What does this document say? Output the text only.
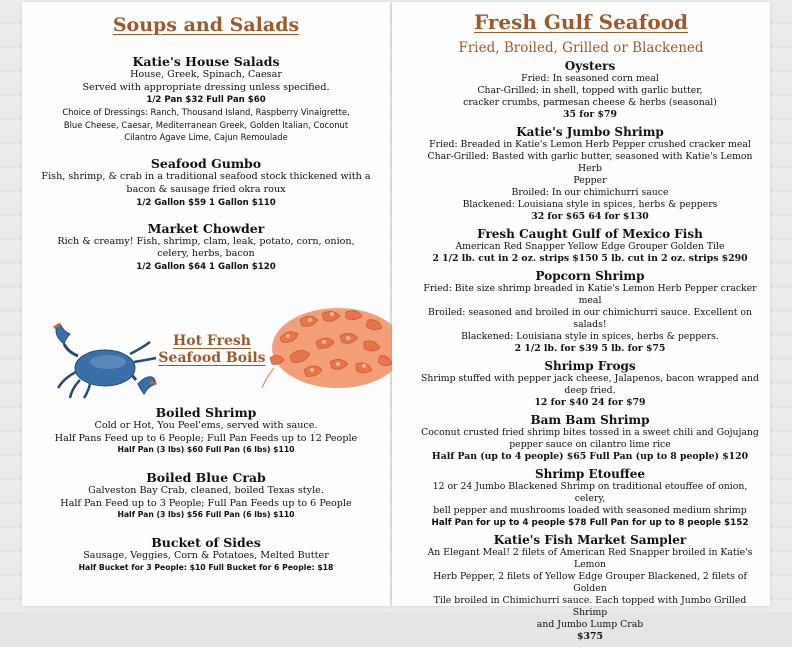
Soups and Salads

Katie's House Salads

House, Greek, Spinach, Caesar

Served with appropriate dressing unless specified.

1/2 Pan $32 Full Pan $60

Choice of Dressings: Ranch, Thousand Island, Raspberry Vinaigrette,

Blue Cheese, Caesar, Mediterranean Greek, Golden Italian, Coconut

Cilantro Agave Lime, Cajun Remoulade

Seafood Gumbo

Fish, shrimp, & crab in a traditional seafood stock thickened with a

bacon & sausage fried okra roux

1/2 Gallon $59 1 Gallon $110

Market Chowder

Rich & creamy! Fish, shrimp, clam, leak, potato, corn, onion,

celery, herbs, bacon

1/2 Gallon $64 1 Gallon $120

Hot Fresh
Seafood Boils

Boiled Shrimp

Cold or Hot, You Peel'ems, served with sauce.

Half Pans Feed up to 6 People; Full Pan Feeds up to 12 People

Half Pan (3 lbs) $60 Full Pan (6 lbs) $110

Boiled Blue Crab

Galveston Bay Crab, cleaned, boiled Texas style.

Half Pan Feed up to 3 People; Full Pan Feeds up to 6 People

Half Pan (3 lbs) $56 Full Pan (6 lbs) $110

Bucket of Sides

Sausage, Veggies, Corn & Potatoes, Melted Butter

Half Bucket for 3 People: $10 Full Bucket for 6 People: $18

Fresh Gulf Seafood
Fried, Broiled, Grilled or Blackened

Oysters

Fried: In seasoned corn meal

Char-Grilled: in shell, topped with garlic butter,

cracker crumbs, parmesan cheese & herbs (seasonal)

35 for $79

Katie's Jumbo Shrimp

Fried: Breaded in Katie's Lemon Herb Pepper crushed cracker meal

Char-Grilled: Basted with garlic butter, seasoned with Katie's Lemon Herb

Pepper

Broiled: In our chimichurri sauce

Blackened: Louisiana style in spices, herbs & peppers

32 for $65 64 for $130

Fresh Caught Gulf of Mexico Fish

American Red Snapper Yellow Edge Grouper Golden Tile

2 1/2 lb. cut in 2 oz. strips $150 5 lb. cut in 2 oz. strips $290

Popcorn Shrimp

Fried: Bite size shrimp breaded in Katie's Lemon Herb Pepper cracker meal

Broiled: seasoned and broiled in our chimichurri sauce. Excellent on salads!

Blackened: Louisiana style in spices, herbs & peppers.

2 1/2 lb. for $39 5 lb. for $75

Shrimp Frogs

Shrimp stuffed with pepper jack cheese, Jalapenos, bacon wrapped and

deep fried.

12 for $40 24 for $79

Bam Bam Shrimp

Coconut crusted fried shrimp bites tossed in a sweet chili and Gojujang

pepper sauce on cilantro lime rice

Half Pan (up to 4 people) $65 Full Pan (up to 8 people) $120

Shrimp Etouffee

12 or 24 Jumbo Blackened Shrimp on traditional etouffee of onion, celery,

bell pepper and mushrooms loaded with seasoned medium shrimp

Half Pan for up to 4 people $78 Full Pan for up to 8 people $152

Katie's Fish Market Sampler

An Elegant Meal! 2 filets of American Red Snapper broiled in Katie's Lemon

Herb Pepper, 2 filets of Yellow Edge Grouper Blackened, 2 filets of Golden

Tile broiled in Chimichurri sauce. Each topped with Jumbo Grilled Shrimp

and Jumbo Lump Crab

$375
